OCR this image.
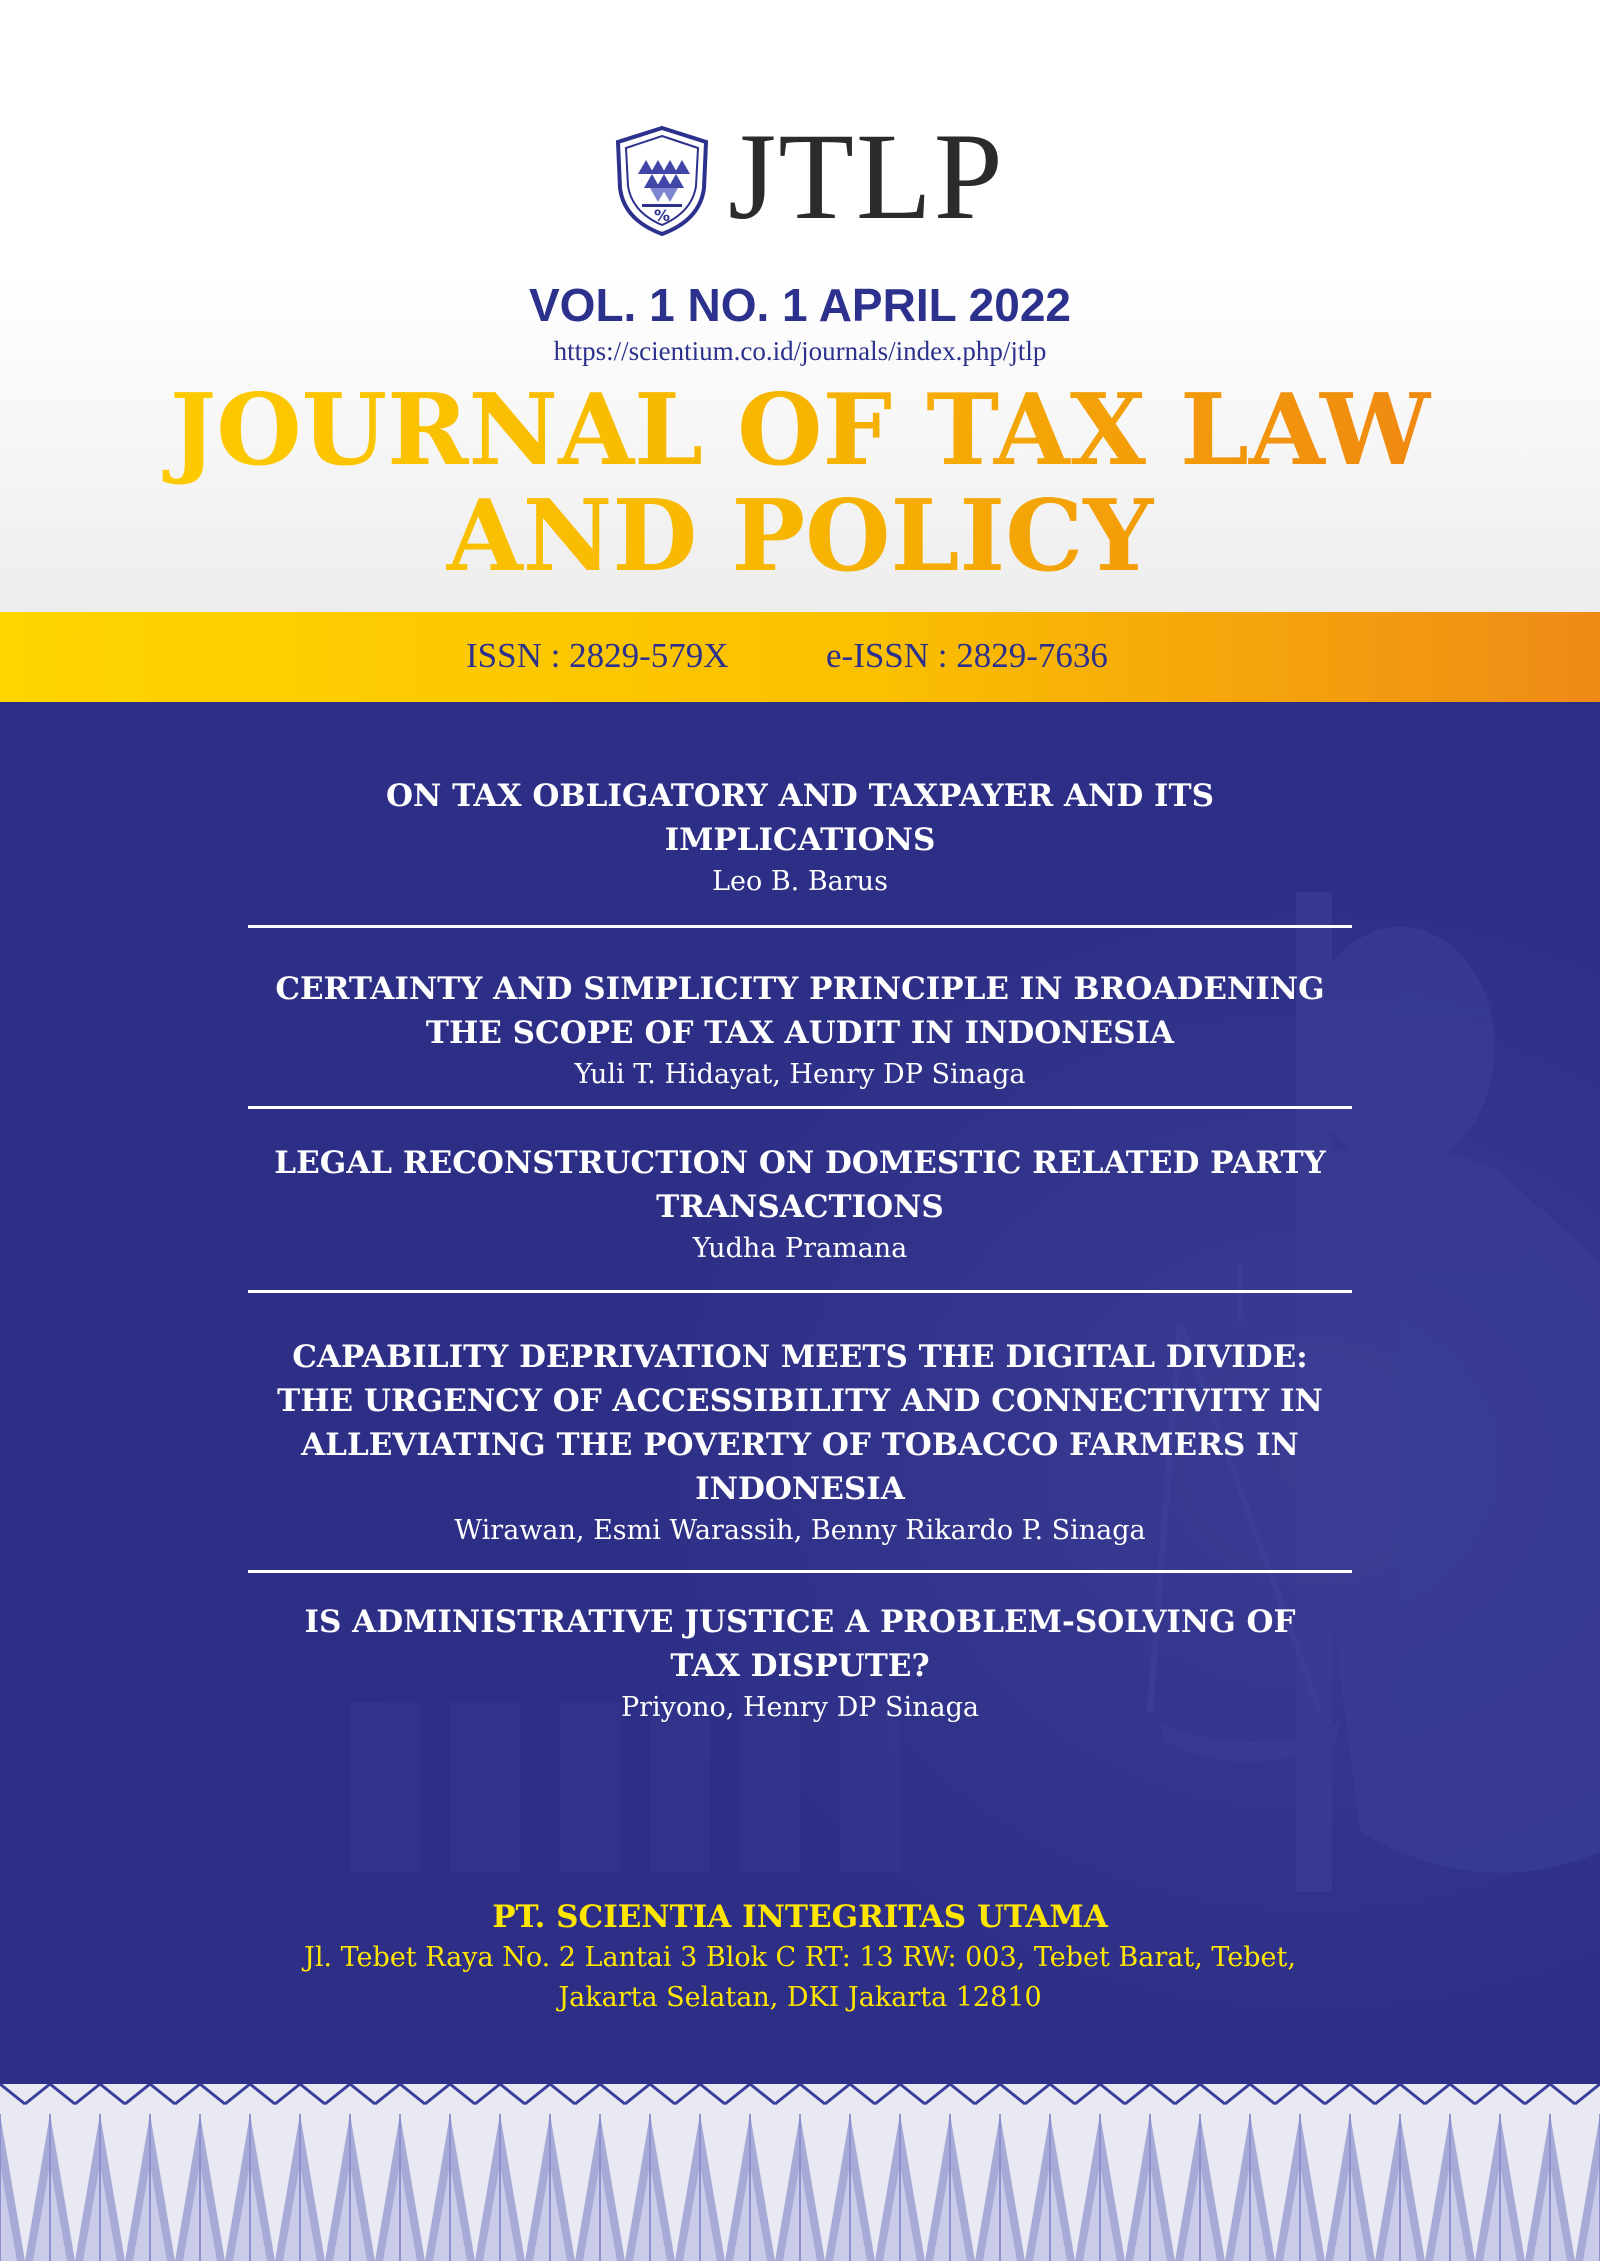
% JTLP
VOL. 1 NO. 1 APRIL 2022
https://scientium.co.id/journals/index.php/jtlp
JOURNAL OF TAX LAW
AND POLICY
ISSN : 2829-579X	e-ISSN : 2829-7636
ON TAX OBLIGATORY AND TAXPAYER AND ITS
IMPLICATIONS
Leo B. Barus
CERTAINTY AND SIMPLICITY PRINCIPLE IN BROADENING
THE SCOPE OF TAX AUDIT IN INDONESIA
Yuli T. Hidayat, Henry DP Sinaga
LEGAL RECONSTRUCTION ON DOMESTIC RELATED PARTY
TRANSACTIONS
Yudha Pramana
CAPABILITY DEPRIVATION MEETS THE DIGITAL DIVIDE:
THE URGENCY OF ACCESSIBILITY AND CONNECTIVITY IN
ALLEVIATING THE POVERTY OF TOBACCO FARMERS IN
INDONESIA
Wirawan, Esmi Warassih, Benny Rikardo P. Sinaga
IS ADMINISTRATIVE JUSTICE A PROBLEM-SOLVING OF
TAX DISPUTE?
Priyono, Henry DP Sinaga
PT. SCIENTIA INTEGRITAS UTAMA
Jl. Tebet Raya No. 2 Lantai 3 Blok C RT: 13 RW: 003, Tebet Barat, Tebet,
Jakarta Selatan, DKI Jakarta 12810
